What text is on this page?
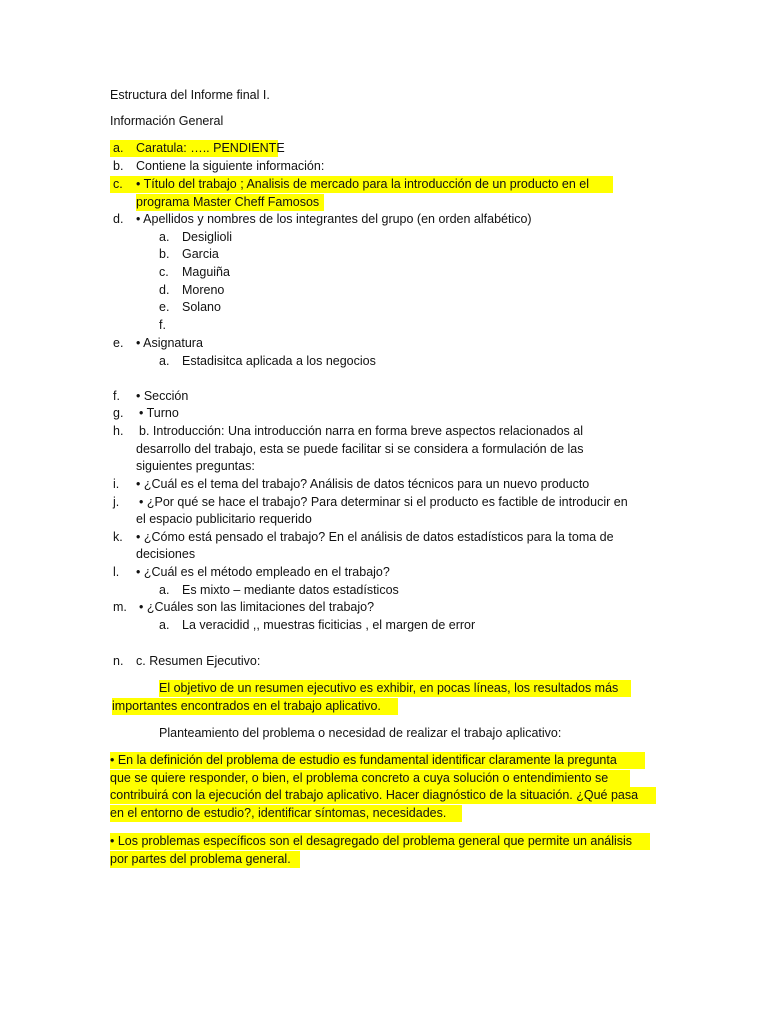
Estructura del Informe final I.
Información General
a. Caratula: ….. PENDIENTE
b. Contiene la siguiente información:
c. • Título del trabajo ; Analisis de mercado para la introducción de un producto en el
programa Master Cheff Famosos
d. • Apellidos y nombres de los integrantes del grupo (en orden alfabético)
a. Desiglioli
b. Garcia
c. Maguiña
d. Moreno
e. Solano
f.
e. • Asignatura
a. Estadisitca aplicada a los negocios
f. • Sección
g. • Turno
h. b. Introducción: Una introducción narra en forma breve aspectos relacionados al
desarrollo del trabajo, esta se puede facilitar si se considera a formulación de las
siguientes preguntas:
i. • ¿Cuál es el tema del trabajo? Análisis de datos técnicos para un nuevo producto
j. • ¿Por qué se hace el trabajo? Para determinar si el producto es factible de introducir en
el espacio publicitario requerido
k. • ¿Cómo está pensado el trabajo? En el análisis de datos estadísticos para la toma de
decisiones
l. • ¿Cuál es el método empleado en el trabajo?
a. Es mixto – mediante datos estadísticos
m. • ¿Cuáles son las limitaciones del trabajo?
a. La veracidid ,, muestras ficiticias , el margen de error
n. c. Resumen Ejecutivo:
El objetivo de un resumen ejecutivo es exhibir, en pocas líneas, los resultados más
importantes encontrados en el trabajo aplicativo.
Planteamiento del problema o necesidad de realizar el trabajo aplicativo:
• En la definición del problema de estudio es fundamental identificar claramente la pregunta
que se quiere responder, o bien, el problema concreto a cuya solución o entendimiento se
contribuirá con la ejecución del trabajo aplicativo. Hacer diagnóstico de la situación. ¿Qué pasa
en el entorno de estudio?, identificar síntomas, necesidades.
• Los problemas específicos son el desagregado del problema general que permite un análisis
por partes del problema general.
